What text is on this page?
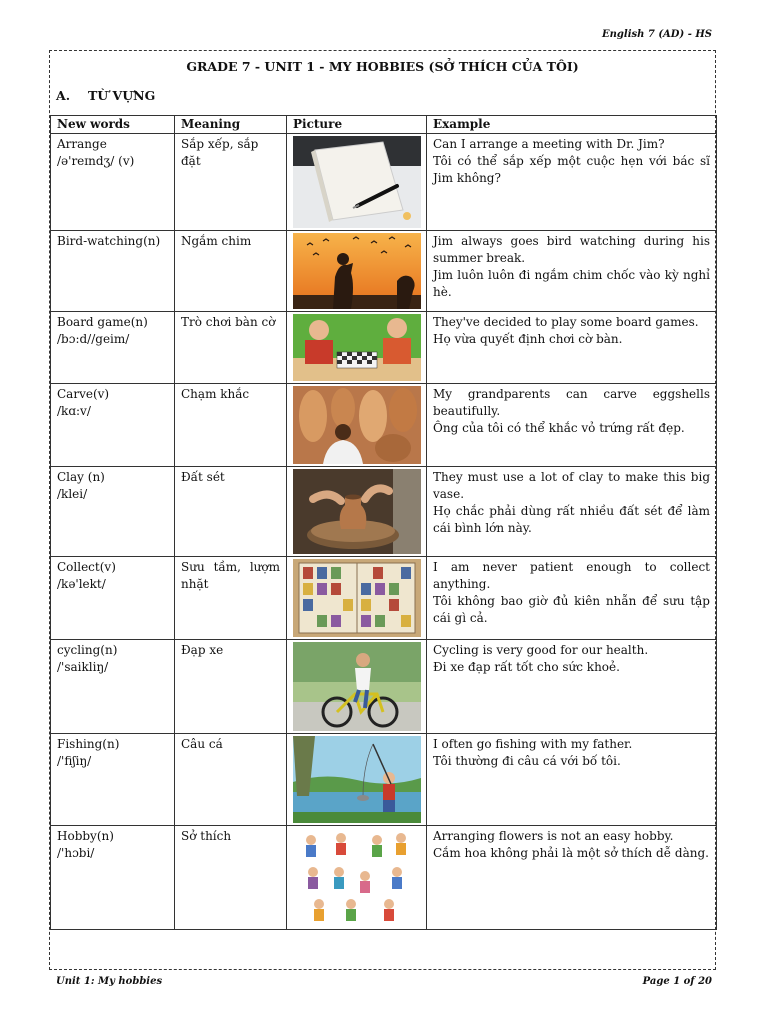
English 7 (AD) - HS
GRADE 7 - UNIT 1 - MY HOBBIES (SỞ THÍCH CỦA TÔI)
A. TỪ VỰNG
New words	Meaning	Picture	Example

Arrange
/ə'reɪndʒ/ (v)	Sắp xếp, sắp đặt		Can I arrange a meeting with Dr. Jim?
Tôi có thể sắp xếp một cuộc hẹn với bác sĩ Jim không?

Bird-watching(n)	Ngắm chim		Jim always goes bird watching during his summer break.
Jim luôn luôn đi ngắm chim chốc vào kỳ nghỉ hè.

Board game(n)
/bɔ:d//geim/	Trò chơi bàn cờ		They've decided to play some board games.
Họ vừa quyết định chơi cờ bàn.

Carve(v)
/kɑ:v/	Chạm khắc		My grandparents can carve eggshells beautifully.
Ông của tôi có thể khắc vỏ trứng rất đẹp.

Clay (n)
/klei/	Đất sét		They must use a lot of clay to make this big vase.
Họ chắc phải dùng rất nhiều đất sét để làm cái bình lớn này.

Collect(v)
/kə'lekt/	Sưu tầm, lượm nhặt		I am never patient enough to collect anything.
Tôi không bao giờ đủ kiên nhẫn để sưu tập cái gì cả.

cycling(n)
/'saikliŋ/	Đạp xe		Cycling is very good for our health.
Đi xe đạp rất tốt cho sức khoẻ.

Fishing(n)
/'fiʃiŋ/	Câu cá		I often go fishing with my father.
Tôi thường đi câu cá với bố tôi.

Hobby(n)
/'hɔbi/	Sở thích		Arranging flowers is not an easy hobby.
Cắm hoa không phải là một sở thích dễ dàng.
Unit 1: My hobbies	Page 1 of 20
